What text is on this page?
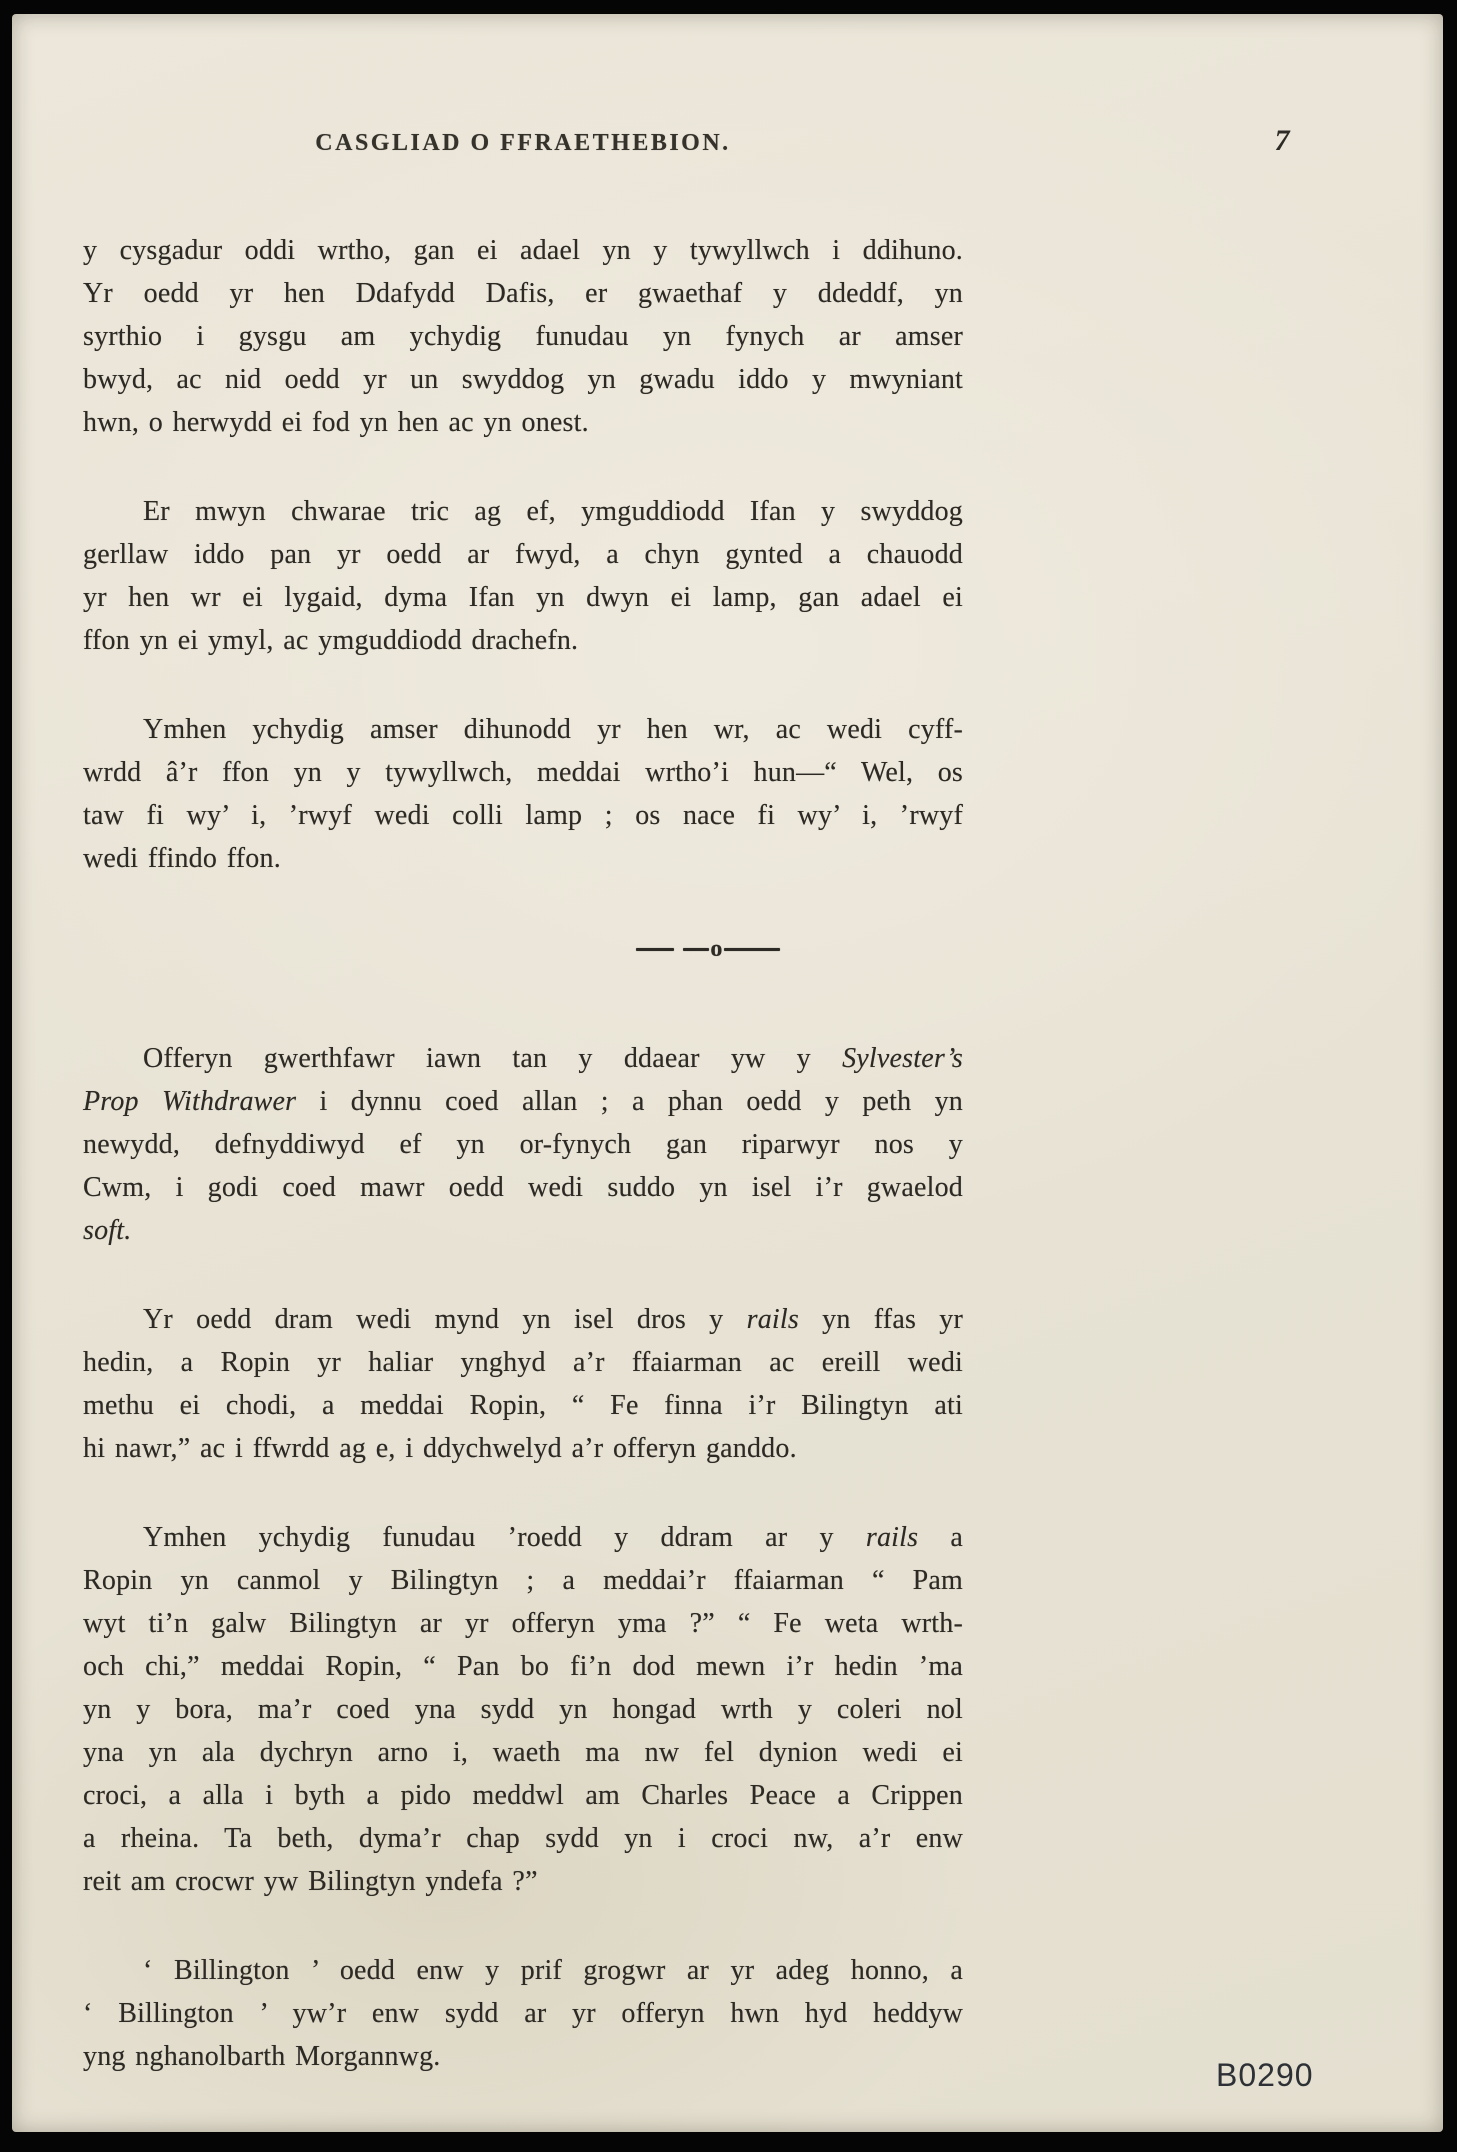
CASGLIAD O FFRAETHEBION.	7
y cysgadur oddi wrtho, gan ei adael yn y tywyllwch i ddihuno.
Yr oedd yr hen Ddafydd Dafis, er gwaethaf y ddeddf, yn
syrthio i gysgu am ychydig funudau yn fynych ar amser
bwyd, ac nid oedd yr un swyddog yn gwadu iddo y mwyniant
hwn, o herwydd ei fod yn hen ac yn onest.
Er mwyn chwarae tric ag ef, ymguddiodd Ifan y swyddog
gerllaw iddo pan yr oedd ar fwyd, a chyn gynted a chauodd
yr hen wr ei lygaid, dyma Ifan yn dwyn ei lamp, gan adael ei
ffon yn ei ymyl, ac ymguddiodd drachefn.
Ymhen ychydig amser dihunodd yr hen wr, ac wedi cyff-
wrdd â’r ffon yn y tywyllwch, meddai wrtho’i hun—“ Wel, os
taw fi wy’ i, ’rwyf wedi colli lamp ; os nace fi wy’ i, ’rwyf
wedi ffindo ffon.
o
Offeryn gwerthfawr iawn tan y ddaear yw y Sylvester’s
Prop Withdrawer i dynnu coed allan ; a phan oedd y peth yn
newydd, defnyddiwyd ef yn or-fynych gan riparwyr nos y
Cwm, i godi coed mawr oedd wedi suddo yn isel i’r gwaelod
soft.
Yr oedd dram wedi mynd yn isel dros y rails yn ffas yr
hedin, a Ropin yr haliar ynghyd a’r ffaiarman ac ereill wedi
methu ei chodi, a meddai Ropin, “ Fe finna i’r Bilingtyn ati
hi nawr,” ac i ffwrdd ag e, i ddychwelyd a’r offeryn ganddo.
Ymhen ychydig funudau ’roedd y ddram ar y rails a
Ropin yn canmol y Bilingtyn ; a meddai’r ffaiarman “ Pam
wyt ti’n galw Bilingtyn ar yr offeryn yma ?” “ Fe weta wrth-
och chi,” meddai Ropin, “ Pan bo fi’n dod mewn i’r hedin ’ma
yn y bora, ma’r coed yna sydd yn hongad wrth y coleri nol
yna yn ala dychryn arno i, waeth ma nw fel dynion wedi ei
croci, a alla i byth a pido meddwl am Charles Peace a Crippen
a rheina. Ta beth, dyma’r chap sydd yn i croci nw, a’r enw
reit am crocwr yw Bilingtyn yndefa ?”
‘ Billington ’ oedd enw y prif grogwr ar yr adeg honno, a
‘ Billington ’ yw’r enw sydd ar yr offeryn hwn hyd heddyw
yng nghanolbarth Morgannwg.
B0290
